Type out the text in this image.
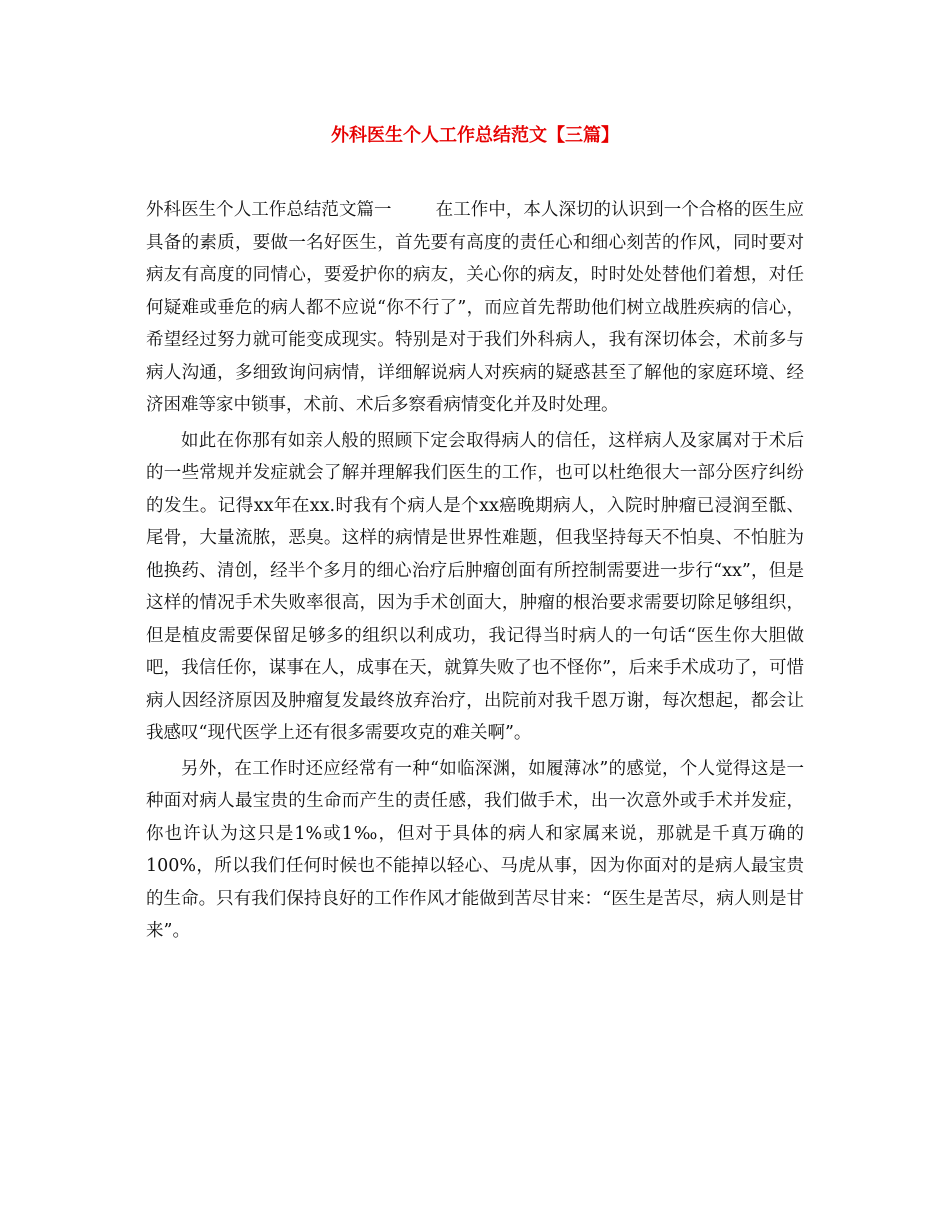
外科医生个人工作总结范文【三篇】

外科医生个人工作总结范文篇一	在工作中，本人深切的认识到一个合格的医生应具备的素质，要做一名好医生，首先要有高度的责任心和细心刻苦的作风，同时要对病友有高度的同情心，要爱护你的病友，关心你的病友，时时处处替他们着想，对任何疑难或垂危的病人都不应说“你不行了”，而应首先帮助他们树立战胜疾病的信心，希望经过努力就可能变成现实。特别是对于我们外科病人，我有深切体会，术前多与病人沟通，多细致询问病情，详细解说病人对疾病的疑惑甚至了解他的家庭环境、经济困难等家中锁事，术前、术后多察看病情变化并及时处理。

如此在你那有如亲人般的照顾下定会取得病人的信任，这样病人及家属对于术后的一些常规并发症就会了解并理解我们医生的工作，也可以杜绝很大一部分医疗纠纷的发生。记得xx年在xx.时我有个病人是个xx癌晚期病人，入院时肿瘤已浸润至骶、尾骨，大量流脓，恶臭。这样的病情是世界性难题，但我坚持每天不怕臭、不怕脏为他换药、清创，经半个多月的细心治疗后肿瘤创面有所控制需要进一步行“xx”，但是这样的情况手术失败率很高，因为手术创面大，肿瘤的根治要求需要切除足够组织，但是植皮需要保留足够多的组织以利成功，我记得当时病人的一句话“医生你大胆做吧，我信任你，谋事在人，成事在天，就算失败了也不怪你”，后来手术成功了，可惜病人因经济原因及肿瘤复发最终放弃治疗，出院前对我千恩万谢，每次想起，都会让我感叹“现代医学上还有很多需要攻克的难关啊”。

另外，在工作时还应经常有一种“如临深渊，如履薄冰”的感觉，个人觉得这是一种面对病人最宝贵的生命而产生的责任感，我们做手术，出一次意外或手术并发症，你也许认为这只是1%或1‰，但对于具体的病人和家属来说，那就是千真万确的100%，所以我们任何时候也不能掉以轻心、马虎从事，因为你面对的是病人最宝贵的生命。只有我们保持良好的工作作风才能做到苦尽甘来：“医生是苦尽，病人则是甘来”。
